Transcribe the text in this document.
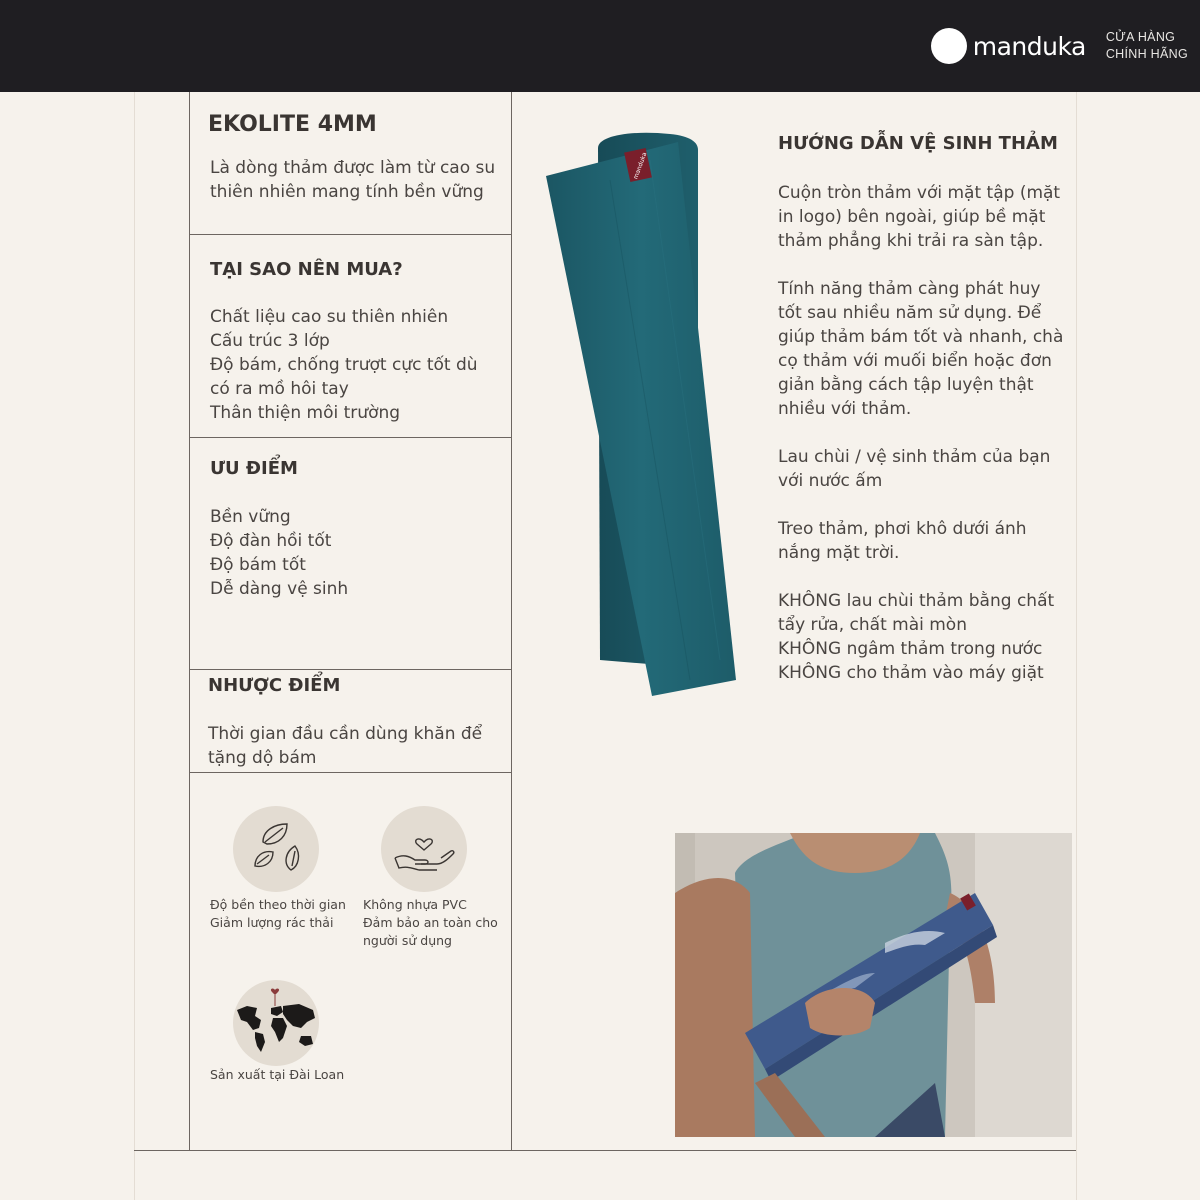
manduka CỬA HÀNG
CHÍNH HÃNG
EKOLITE 4MM
Là dòng thảm được làm từ cao su
thiên nhiên mang tính bền vững
TẠI SAO NÊN MUA?
Chất liệu cao su thiên nhiên
Cấu trúc 3 lớp
Độ bám, chống trượt cực tốt dù
có ra mồ hôi tay
Thân thiện môi trường
ƯU ĐIỂM
Bền vững
Độ đàn hồi tốt
Độ bám tốt
Dễ dàng vệ sinh
NHƯỢC ĐIỂM
Thời gian đầu cần dùng khăn để
tặng dộ bám
Độ bền theo thời gian
Giảm lượng rác thải
Không nhựa PVC
Đảm bảo an toàn cho
người sử dụng
Sản xuất tại Đài Loan
manduka
HƯỚNG DẪN VỆ SINH THẢM
Cuộn tròn thảm với mặt tập (mặt
in logo) bên ngoài, giúp bề mặt
thảm phẳng khi trải ra sàn tập.
Tính năng thảm càng phát huy
tốt sau nhiều năm sử dụng. Để
giúp thảm bám tốt và nhanh, chà
cọ thảm với muối biển hoặc đơn
giản bằng cách tập luyện thật
nhiều với thảm.
Lau chùi / vệ sinh thảm của bạn
với nước ấm
Treo thảm, phơi khô dưới ánh
nắng mặt trời.
KHÔNG lau chùi thảm bằng chất
tẩy rửa, chất mài mòn
KHÔNG ngâm thảm trong nước
KHÔNG cho thảm vào máy giặt
